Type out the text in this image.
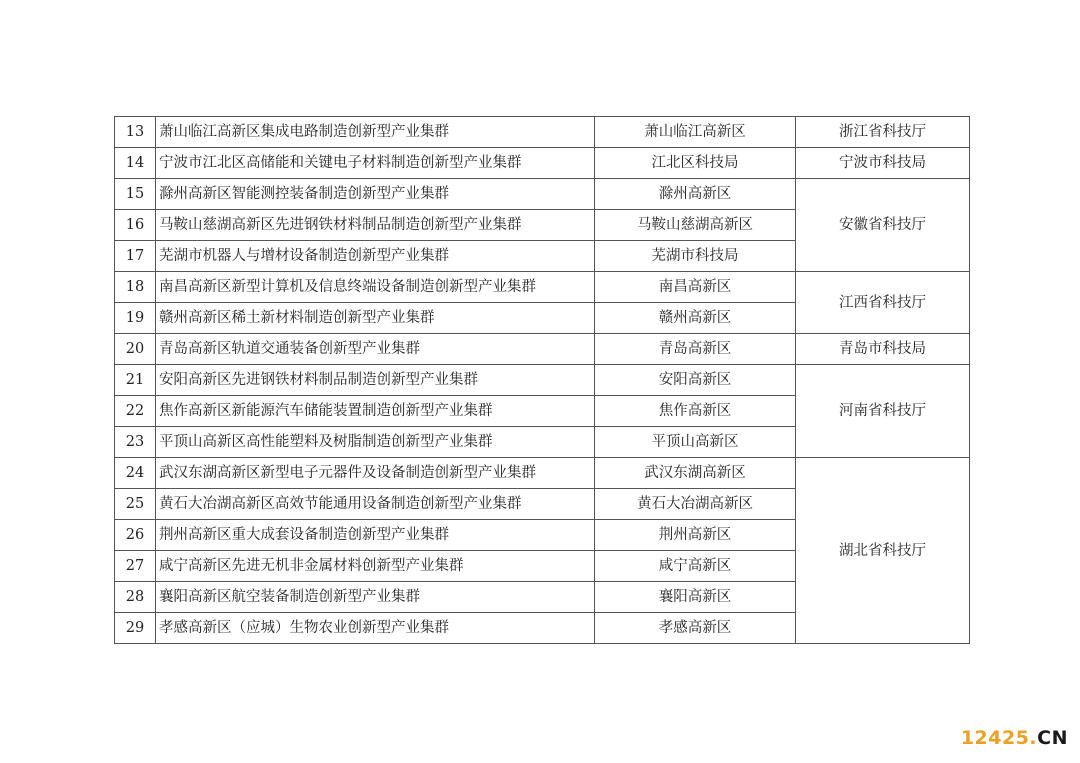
13	萧山临江高新区集成电路制造创新型产业集群	萧山临江高新区	浙江省科技厅
14	宁波市江北区高储能和关键电子材料制造创新型产业集群	江北区科技局	宁波市科技局
15	滁州高新区智能测控装备制造创新型产业集群	滁州高新区	安徽省科技厅
16	马鞍山慈湖高新区先进钢铁材料制品制造创新型产业集群	马鞍山慈湖高新区	
17	芜湖市机器人与增材设备制造创新型产业集群	芜湖市科技局	
18	南昌高新区新型计算机及信息终端设备制造创新型产业集群	南昌高新区	江西省科技厅
19	赣州高新区稀土新材料制造创新型产业集群	赣州高新区	
20	青岛高新区轨道交通装备创新型产业集群	青岛高新区	青岛市科技局
21	安阳高新区先进钢铁材料制品制造创新型产业集群	安阳高新区	河南省科技厅
22	焦作高新区新能源汽车储能装置制造创新型产业集群	焦作高新区	
23	平顶山高新区高性能塑料及树脂制造创新型产业集群	平顶山高新区	
24	武汉东湖高新区新型电子元器件及设备制造创新型产业集群	武汉东湖高新区	湖北省科技厅
25	黄石大冶湖高新区高效节能通用设备制造创新型产业集群	黄石大冶湖高新区	
26	荆州高新区重大成套设备制造创新型产业集群	荆州高新区	
27	咸宁高新区先进无机非金属材料创新型产业集群	咸宁高新区	
28	襄阳高新区航空装备制造创新型产业集群	襄阳高新区	
29	孝感高新区（应城）生物农业创新型产业集群	孝感高新区	
12425.CN
